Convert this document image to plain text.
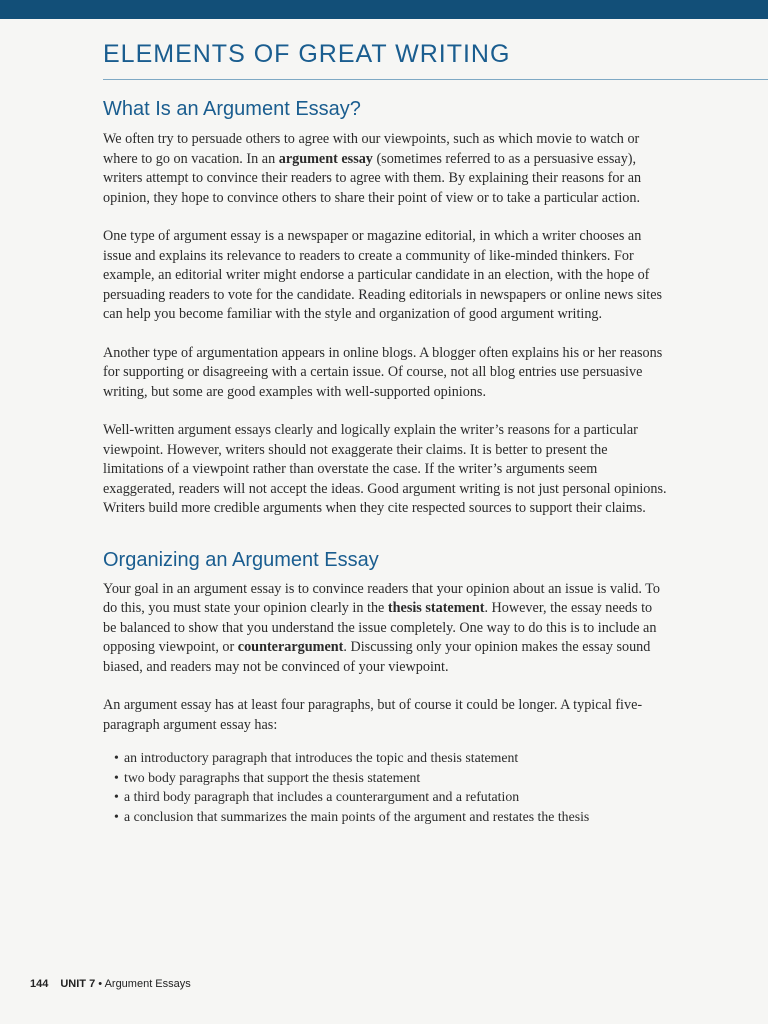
ELEMENTS OF GREAT WRITING
What Is an Argument Essay?

We often try to persuade others to agree with our viewpoints, such as which movie to watch or where to go on vacation. In an argument essay (sometimes referred to as a persuasive essay), writers attempt to convince their readers to agree with them. By explaining their reasons for an opinion, they hope to convince others to share their point of view or to take a particular action.

One type of argument essay is a newspaper or magazine editorial, in which a writer chooses an issue and explains its relevance to readers to create a community of like-minded thinkers. For example, an editorial writer might endorse a particular candidate in an election, with the hope of persuading readers to vote for the candidate. Reading editorials in newspapers or online news sites can help you become familiar with the style and organization of good argument writing.

Another type of argumentation appears in online blogs. A blogger often explains his or her reasons for supporting or disagreeing with a certain issue. Of course, not all blog entries use persuasive writing, but some are good examples with well-supported opinions.

Well-written argument essays clearly and logically explain the writer’s reasons for a particular viewpoint. However, writers should not exaggerate their claims. It is better to present the limitations of a viewpoint rather than overstate the case. If the writer’s arguments seem exaggerated, readers will not accept the ideas. Good argument writing is not just personal opinions. Writers build more credible arguments when they cite respected sources to support their claims.

Organizing an Argument Essay

Your goal in an argument essay is to convince readers that your opinion about an issue is valid. To do this, you must state your opinion clearly in the thesis statement. However, the essay needs to be balanced to show that you understand the issue completely. One way to do this is to include an opposing viewpoint, or counterargument. Discussing only your opinion makes the essay sound biased, and readers may not be convinced of your viewpoint.

An argument essay has at least four paragraphs, but of course it could be longer. A typical five-paragraph argument essay has:

• an introductory paragraph that introduces the topic and thesis statement
• two body paragraphs that support the thesis statement
• a third body paragraph that includes a counterargument and a refutation
• a conclusion that summarizes the main points of the argument and restates the thesis
144 UNIT 7 • Argument Essays
